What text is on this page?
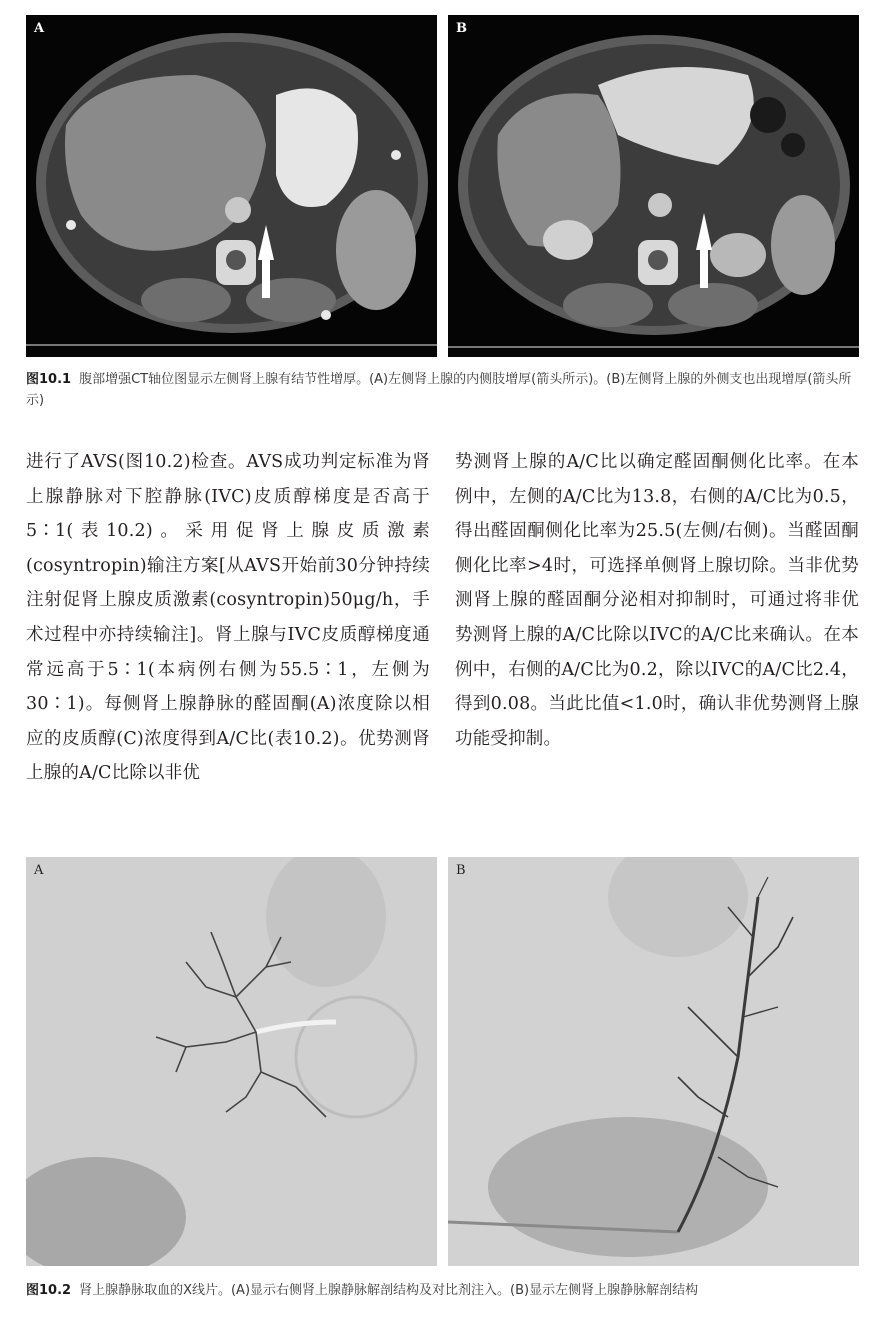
A	B
图10.1 腹部增强CT轴位图显示左侧肾上腺有结节性增厚。(A)左侧肾上腺的内侧肢增厚(箭头所示)。(B)左侧肾上腺的外侧支也出现增厚(箭头所示)

进行了AVS(图10.2)检查。AVS成功判定标准为肾上腺静脉对下腔静脉(IVC)皮质醇梯度是否高于5∶1(表10.2)。采用促肾上腺皮质激素(cosyntropin)输注方案[从AVS开始前30分钟持续注射促肾上腺皮质激素(cosyntropin)50μg/h，手术过程中亦持续输注]。肾上腺与IVC皮质醇梯度通常远高于5∶1(本病例右侧为55.5∶1，左侧为30∶1)。每侧肾上腺静脉的醛固酮(A)浓度除以相应的皮质醇(C)浓度得到A/C比(表10.2)。优势测肾上腺的A/C比除以非优

势测肾上腺的A/C比以确定醛固酮侧化比率。在本例中，左侧的A/C比为13.8，右侧的A/C比为0.5，得出醛固酮侧化比率为25.5(左侧/右侧)。当醛固酮侧化比率>4时，可选择单侧肾上腺切除。当非优势测肾上腺的醛固酮分泌相对抑制时，可通过将非优势测肾上腺的A/C比除以IVC的A/C比来确认。在本例中，右侧的A/C比为0.2，除以IVC的A/C比2.4，得到0.08。当此比值<1.0时，确认非优势测肾上腺功能受抑制。

A	B
图10.2 肾上腺静脉取血的X线片。(A)显示右侧肾上腺静脉解剖结构及对比剂注入。(B)显示左侧肾上腺静脉解剖结构
